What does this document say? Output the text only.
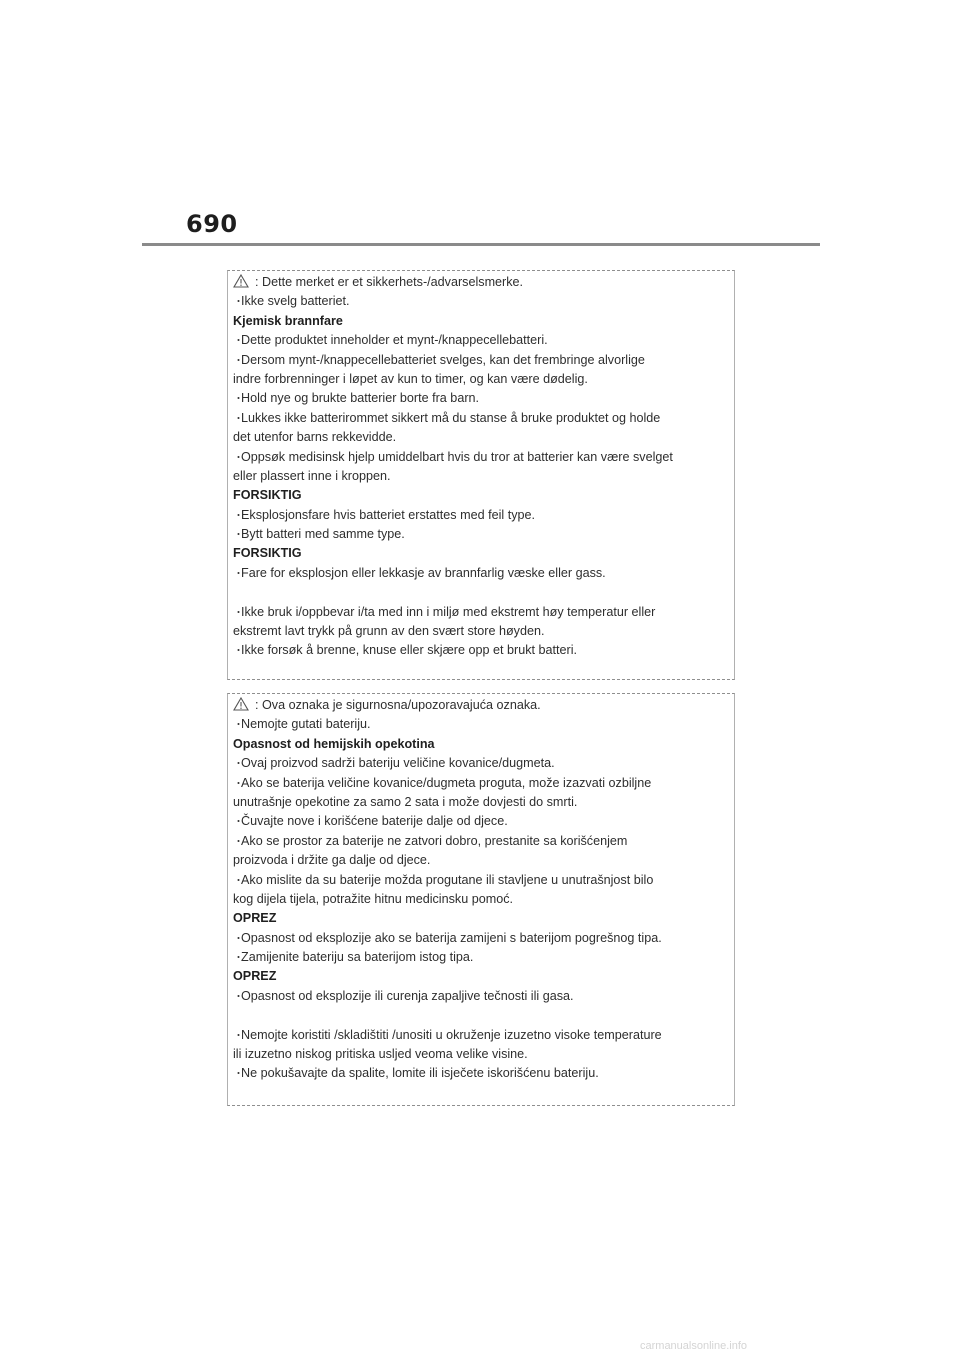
690
: Dette merket er et sikkerhets-/advarselsmerke.
・Ikke svelg batteriet.
Kjemisk brannfare
・Dette produktet inneholder et mynt-/knappecellebatteri.
・Dersom mynt-/knappecellebatteriet svelges, kan det frembringe alvorlige
indre forbrenninger i løpet av kun to timer, og kan være dødelig.
・Hold nye og brukte batterier borte fra barn.
・Lukkes ikke batterirommet sikkert må du stanse å bruke produktet og holde
det utenfor barns rekkevidde.
・Oppsøk medisinsk hjelp umiddelbart hvis du tror at batterier kan være svelget
eller plassert inne i kroppen.
FORSIKTIG
・Eksplosjonsfare hvis batteriet erstattes med feil type.
・Bytt batteri med samme type.
FORSIKTIG
・Fare for eksplosjon eller lekkasje av brannfarlig væske eller gass.
・Ikke bruk i/oppbevar i/ta med inn i miljø med ekstremt høy temperatur eller
ekstremt lavt trykk på grunn av den svært store høyden.
・Ikke forsøk å brenne, knuse eller skjære opp et brukt batteri.
: Ova oznaka je sigurnosna/upozoravajuća oznaka.
・Nemojte gutati bateriju.
Opasnost od hemijskih opekotina
・Ovaj proizvod sadrži bateriju veličine kovanice/dugmeta.
・Ako se baterija veličine kovanice/dugmeta proguta, može izazvati ozbiljne
unutrašnje opekotine za samo 2 sata i može dovjesti do smrti.
・Čuvajte nove i korišćene baterije dalje od djece.
・Ako se prostor za baterije ne zatvori dobro, prestanite sa korišćenjem
proizvoda i držite ga dalje od djece.
・Ako mislite da su baterije možda progutane ili stavljene u unutrašnjost bilo
kog dijela tijela, potražite hitnu medicinsku pomoć.
OPREZ
・Opasnost od eksplozije ako se baterija zamijeni s baterijom pogrešnog tipa.
・Zamijenite bateriju sa baterijom istog tipa.
OPREZ
・Opasnost od eksplozije ili curenja zapaljive tečnosti ili gasa.
・Nemojte koristiti /skladištiti /unositi u okruženje izuzetno visoke temperature
ili izuzetno niskog pritiska usljed veoma velike visine.
・Ne pokušavajte da spalite, lomite ili isječete iskorišćenu bateriju.
carmanualsonline.info
